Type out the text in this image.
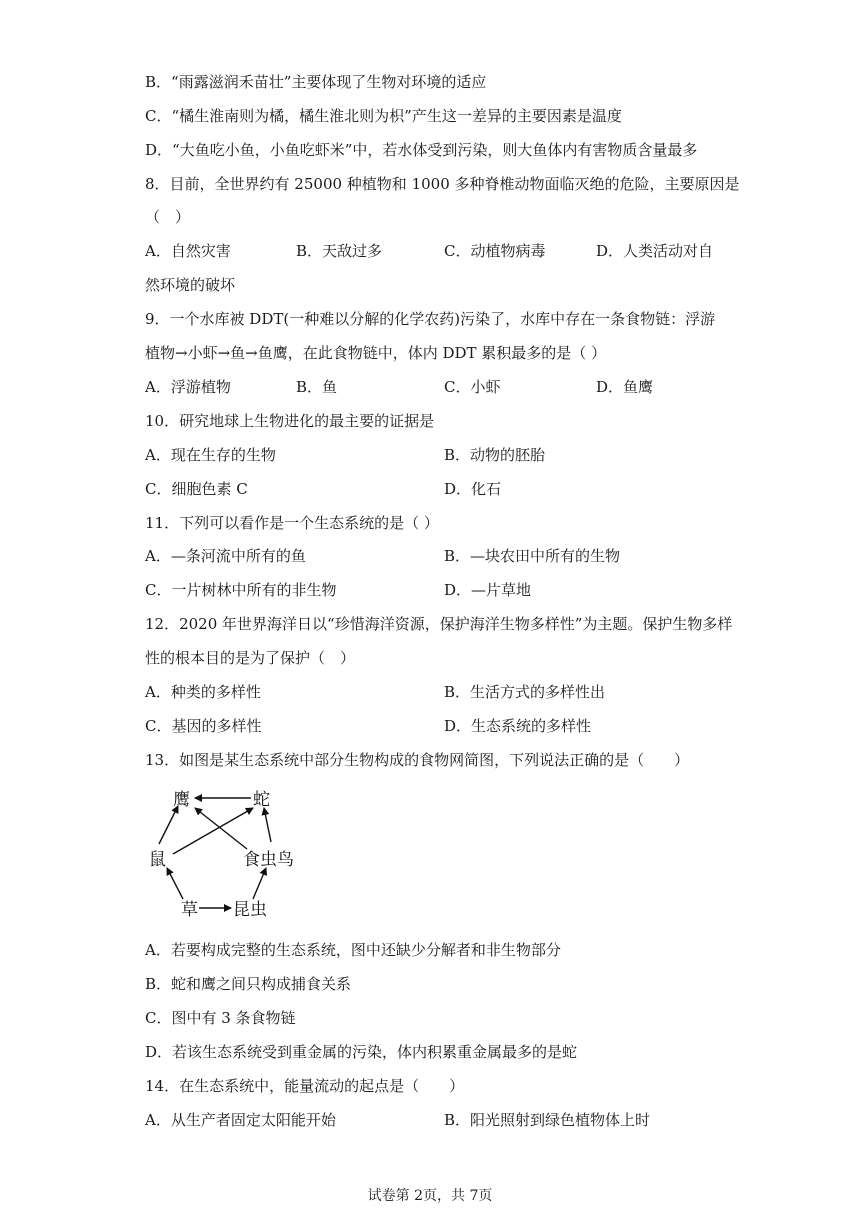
B．“雨露滋润禾苗壮”主要体现了生物对环境的适应
C．“橘生淮南则为橘，橘生淮北则为枳”产生这一差异的主要因素是温度
D．“大鱼吃小鱼，小鱼吃虾米”中，若水体受到污染，则大鱼体内有害物质含量最多
8．目前，全世界约有 25000 种植物和 1000 多种脊椎动物面临灭绝的危险，主要原因是
（　）
A．自然灾害	B．天敌过多	C．动植物病毒	D．人类活动对自
然环境的破坏
9．一个水库被 DDT(一种难以分解的化学农药)污染了，水库中存在一条食物链：浮游
植物→小虾→鱼→鱼鹰，在此食物链中，体内 DDT 累积最多的是（ ）
A．浮游植物	B．鱼	C．小虾	D．鱼鹰
10．研究地球上生物进化的最主要的证据是
A．现在生存的生物	B．动物的胚胎
C．细胞色素 C	D．化石
11．下列可以看作是一个生态系统的是（ ）
A．—条河流中所有的鱼	B．—块农田中所有的生物
C．一片树林中所有的非生物	D．—片草地
12．2020 年世界海洋日以“珍惜海洋资源，保护海洋生物多样性”为主题。保护生物多样
性的根本目的是为了保护（　）
A．种类的多样性	B．生活方式的多样性出
C．基因的多样性	D．生态系统的多样性
13．如图是某生态系统中部分生物构成的食物网简图，下列说法正确的是（　　）
鹰	蛇
鼠	食虫鸟
草 昆虫
A．若要构成完整的生态系统，图中还缺少分解者和非生物部分
B．蛇和鹰之间只构成捕食关系
C．图中有 3 条食物链
D．若该生态系统受到重金属的污染，体内积累重金属最多的是蛇
14．在生态系统中，能量流动的起点是（　　）
A．从生产者固定太阳能开始	B．阳光照射到绿色植物体上时
试卷第 2页，共 7页
